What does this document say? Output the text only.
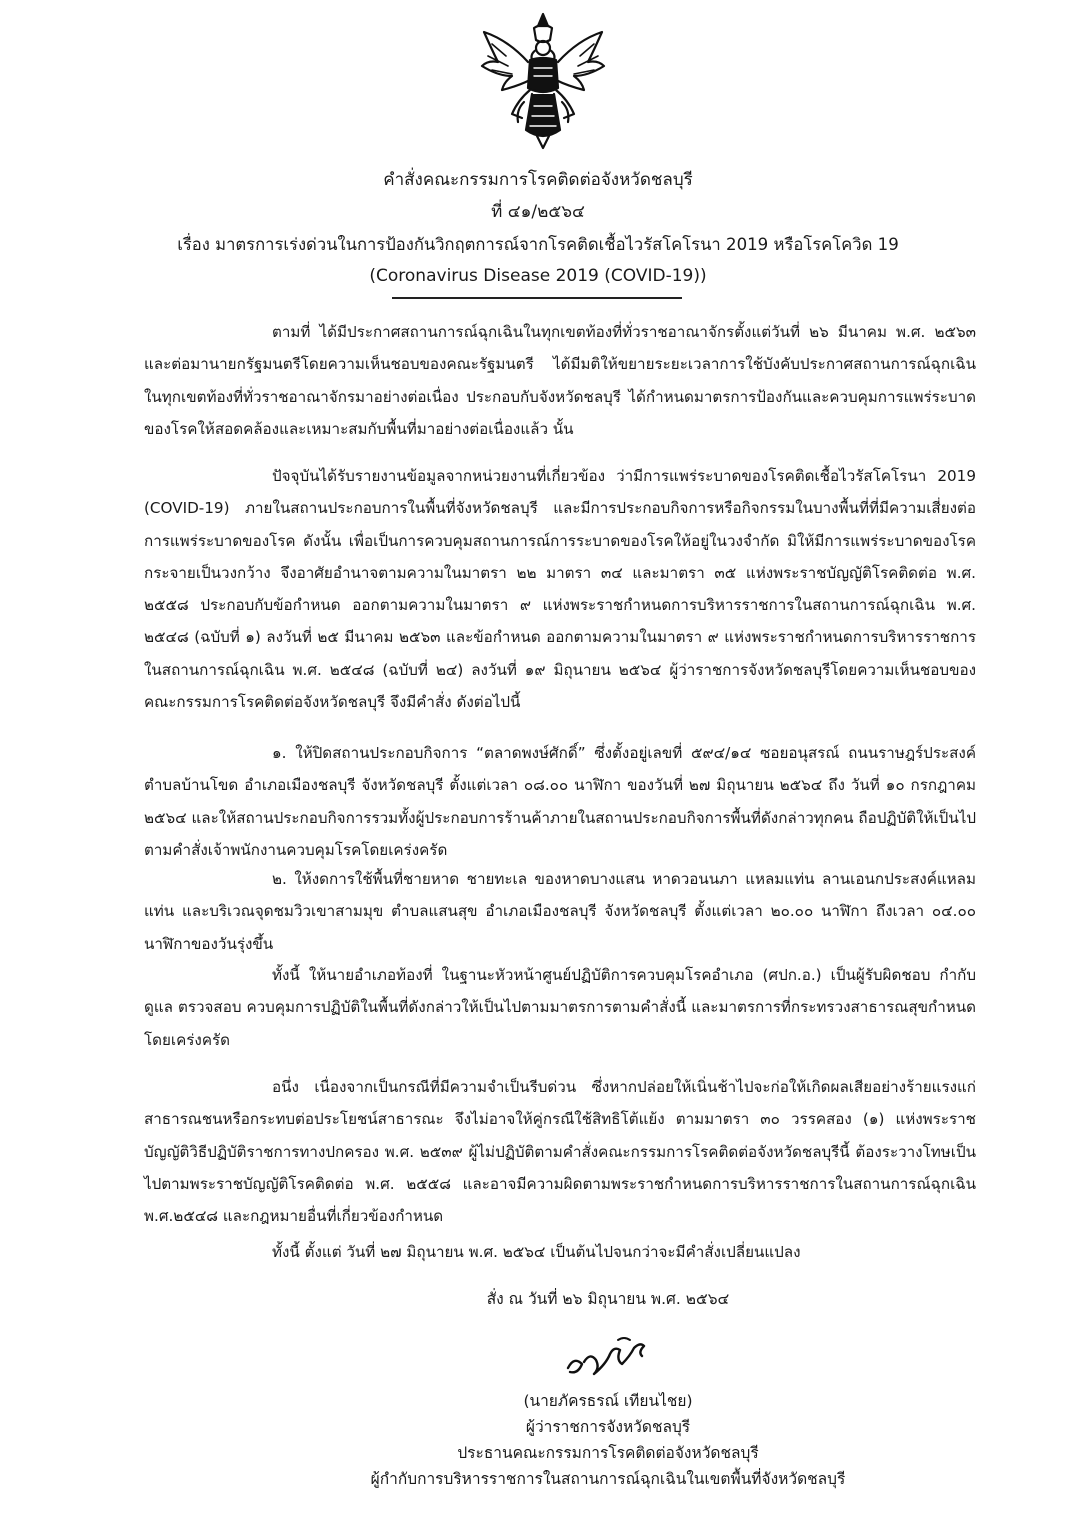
คำสั่งคณะกรรมการโรคติดต่อจังหวัดชลบุรี
ที่ ๔๑/๒๕๖๔
เรื่อง มาตรการเร่งด่วนในการป้องกันวิกฤตการณ์จากโรคติดเชื้อไวรัสโคโรนา 2019 หรือโรคโควิด 19
(Coronavirus Disease 2019 (COVID-19))

ตามที่ ได้มีประกาศสถานการณ์ฉุกเฉินในทุกเขตท้องที่ทั่วราชอาณาจักรตั้งแต่วันที่ ๒๖ มีนาคม พ.ศ. ๒๕๖๓ และต่อมานายกรัฐมนตรีโดยความเห็นชอบของคณะรัฐมนตรี ได้มีมติให้ขยายระยะเวลาการใช้บังคับประกาศสถานการณ์ฉุกเฉินในทุกเขตท้องที่ทั่วราชอาณาจักรมาอย่างต่อเนื่อง ประกอบกับจังหวัดชลบุรี ได้กำหนดมาตรการป้องกันและควบคุมการแพร่ระบาดของโรคให้สอดคล้องและเหมาะสมกับพื้นที่มาอย่างต่อเนื่องแล้ว นั้น

ปัจจุบันได้รับรายงานข้อมูลจากหน่วยงานที่เกี่ยวข้อง ว่ามีการแพร่ระบาดของโรคติดเชื้อไวรัสโคโรนา 2019 (COVID-19) ภายในสถานประกอบการในพื้นที่จังหวัดชลบุรี และมีการประกอบกิจการหรือกิจกรรมในบางพื้นที่ที่มีความเสี่ยงต่อการแพร่ระบาดของโรค ดังนั้น เพื่อเป็นการควบคุมสถานการณ์การระบาดของโรคให้อยู่ในวงจำกัด มิให้มีการแพร่ระบาดของโรคกระจายเป็นวงกว้าง จึงอาศัยอำนาจตามความในมาตรา ๒๒ มาตรา ๓๔ และมาตรา ๓๕ แห่งพระราชบัญญัติโรคติดต่อ พ.ศ. ๒๕๕๘ ประกอบกับข้อกำหนด ออกตามความในมาตรา ๙ แห่งพระราชกำหนดการบริหารราชการในสถานการณ์ฉุกเฉิน พ.ศ. ๒๕๔๘ (ฉบับที่ ๑) ลงวันที่ ๒๕ มีนาคม ๒๕๖๓ และข้อกำหนด ออกตามความในมาตรา ๙ แห่งพระราชกำหนดการบริหารราชการในสถานการณ์ฉุกเฉิน พ.ศ. ๒๕๔๘ (ฉบับที่ ๒๔) ลงวันที่ ๑๙ มิถุนายน ๒๕๖๔ ผู้ว่าราชการจังหวัดชลบุรีโดยความเห็นชอบของคณะกรรมการโรคติดต่อจังหวัดชลบุรี จึงมีคำสั่ง ดังต่อไปนี้

๑. ให้ปิดสถานประกอบกิจการ “ตลาดพงษ์ศักดิ์” ซึ่งตั้งอยู่เลขที่ ๕๙๔/๑๔ ซอยอนุสรณ์ ถนนราษฎร์ประสงค์ ตำบลบ้านโขด อำเภอเมืองชลบุรี จังหวัดชลบุรี ตั้งแต่เวลา ๐๘.๐๐ นาฬิกา ของวันที่ ๒๗ มิถุนายน ๒๕๖๔ ถึง วันที่ ๑๐ กรกฎาคม ๒๕๖๔ และให้สถานประกอบกิจการรวมทั้งผู้ประกอบการร้านค้าภายในสถานประกอบกิจการพื้นที่ดังกล่าวทุกคน ถือปฏิบัติให้เป็นไปตามคำสั่งเจ้าพนักงานควบคุมโรคโดยเคร่งครัด

๒. ให้งดการใช้พื้นที่ชายหาด ชายทะเล ของหาดบางแสน หาดวอนนภา แหลมแท่น ลานเอนกประสงค์แหลมแท่น และบริเวณจุดชมวิวเขาสามมุข ตำบลแสนสุข อำเภอเมืองชลบุรี จังหวัดชลบุรี ตั้งแต่เวลา ๒๐.๐๐ นาฬิกา ถึงเวลา ๐๔.๐๐ นาฬิกาของวันรุ่งขึ้น

ทั้งนี้ ให้นายอำเภอท้องที่ ในฐานะหัวหน้าศูนย์ปฏิบัติการควบคุมโรคอำเภอ (ศปก.อ.) เป็นผู้รับผิดชอบ กำกับ ดูแล ตรวจสอบ ควบคุมการปฏิบัติในพื้นที่ดังกล่าวให้เป็นไปตามมาตรการตามคำสั่งนี้ และมาตรการที่กระทรวงสาธารณสุขกำหนดโดยเคร่งครัด

อนึ่ง เนื่องจากเป็นกรณีที่มีความจำเป็นรีบด่วน ซึ่งหากปล่อยให้เนิ่นช้าไปจะก่อให้เกิดผลเสียอย่างร้ายแรงแก่สาธารณชนหรือกระทบต่อประโยชน์สาธารณะ จึงไม่อาจให้คู่กรณีใช้สิทธิโต้แย้ง ตามมาตรา ๓๐ วรรคสอง (๑) แห่งพระราชบัญญัติวิธีปฏิบัติราชการทางปกครอง พ.ศ. ๒๕๓๙ ผู้ไม่ปฏิบัติตามคำสั่งคณะกรรมการโรคติดต่อจังหวัดชลบุรีนี้ ต้องระวางโทษเป็นไปตามพระราชบัญญัติโรคติดต่อ พ.ศ. ๒๕๕๘ และอาจมีความผิดตามพระราชกำหนดการบริหารราชการในสถานการณ์ฉุกเฉิน พ.ศ.๒๕๔๘ และกฎหมายอื่นที่เกี่ยวข้องกำหนด

ทั้งนี้ ตั้งแต่ วันที่ ๒๗ มิถุนายน พ.ศ. ๒๕๖๔ เป็นต้นไปจนกว่าจะมีคำสั่งเปลี่ยนแปลง

สั่ง ณ วันที่ ๒๖ มิถุนายน พ.ศ. ๒๕๖๔
(นายภัครธรณ์ เทียนไชย)
ผู้ว่าราชการจังหวัดชลบุรี
ประธานคณะกรรมการโรคติดต่อจังหวัดชลบุรี
ผู้กำกับการบริหารราชการในสถานการณ์ฉุกเฉินในเขตพื้นที่จังหวัดชลบุรี
